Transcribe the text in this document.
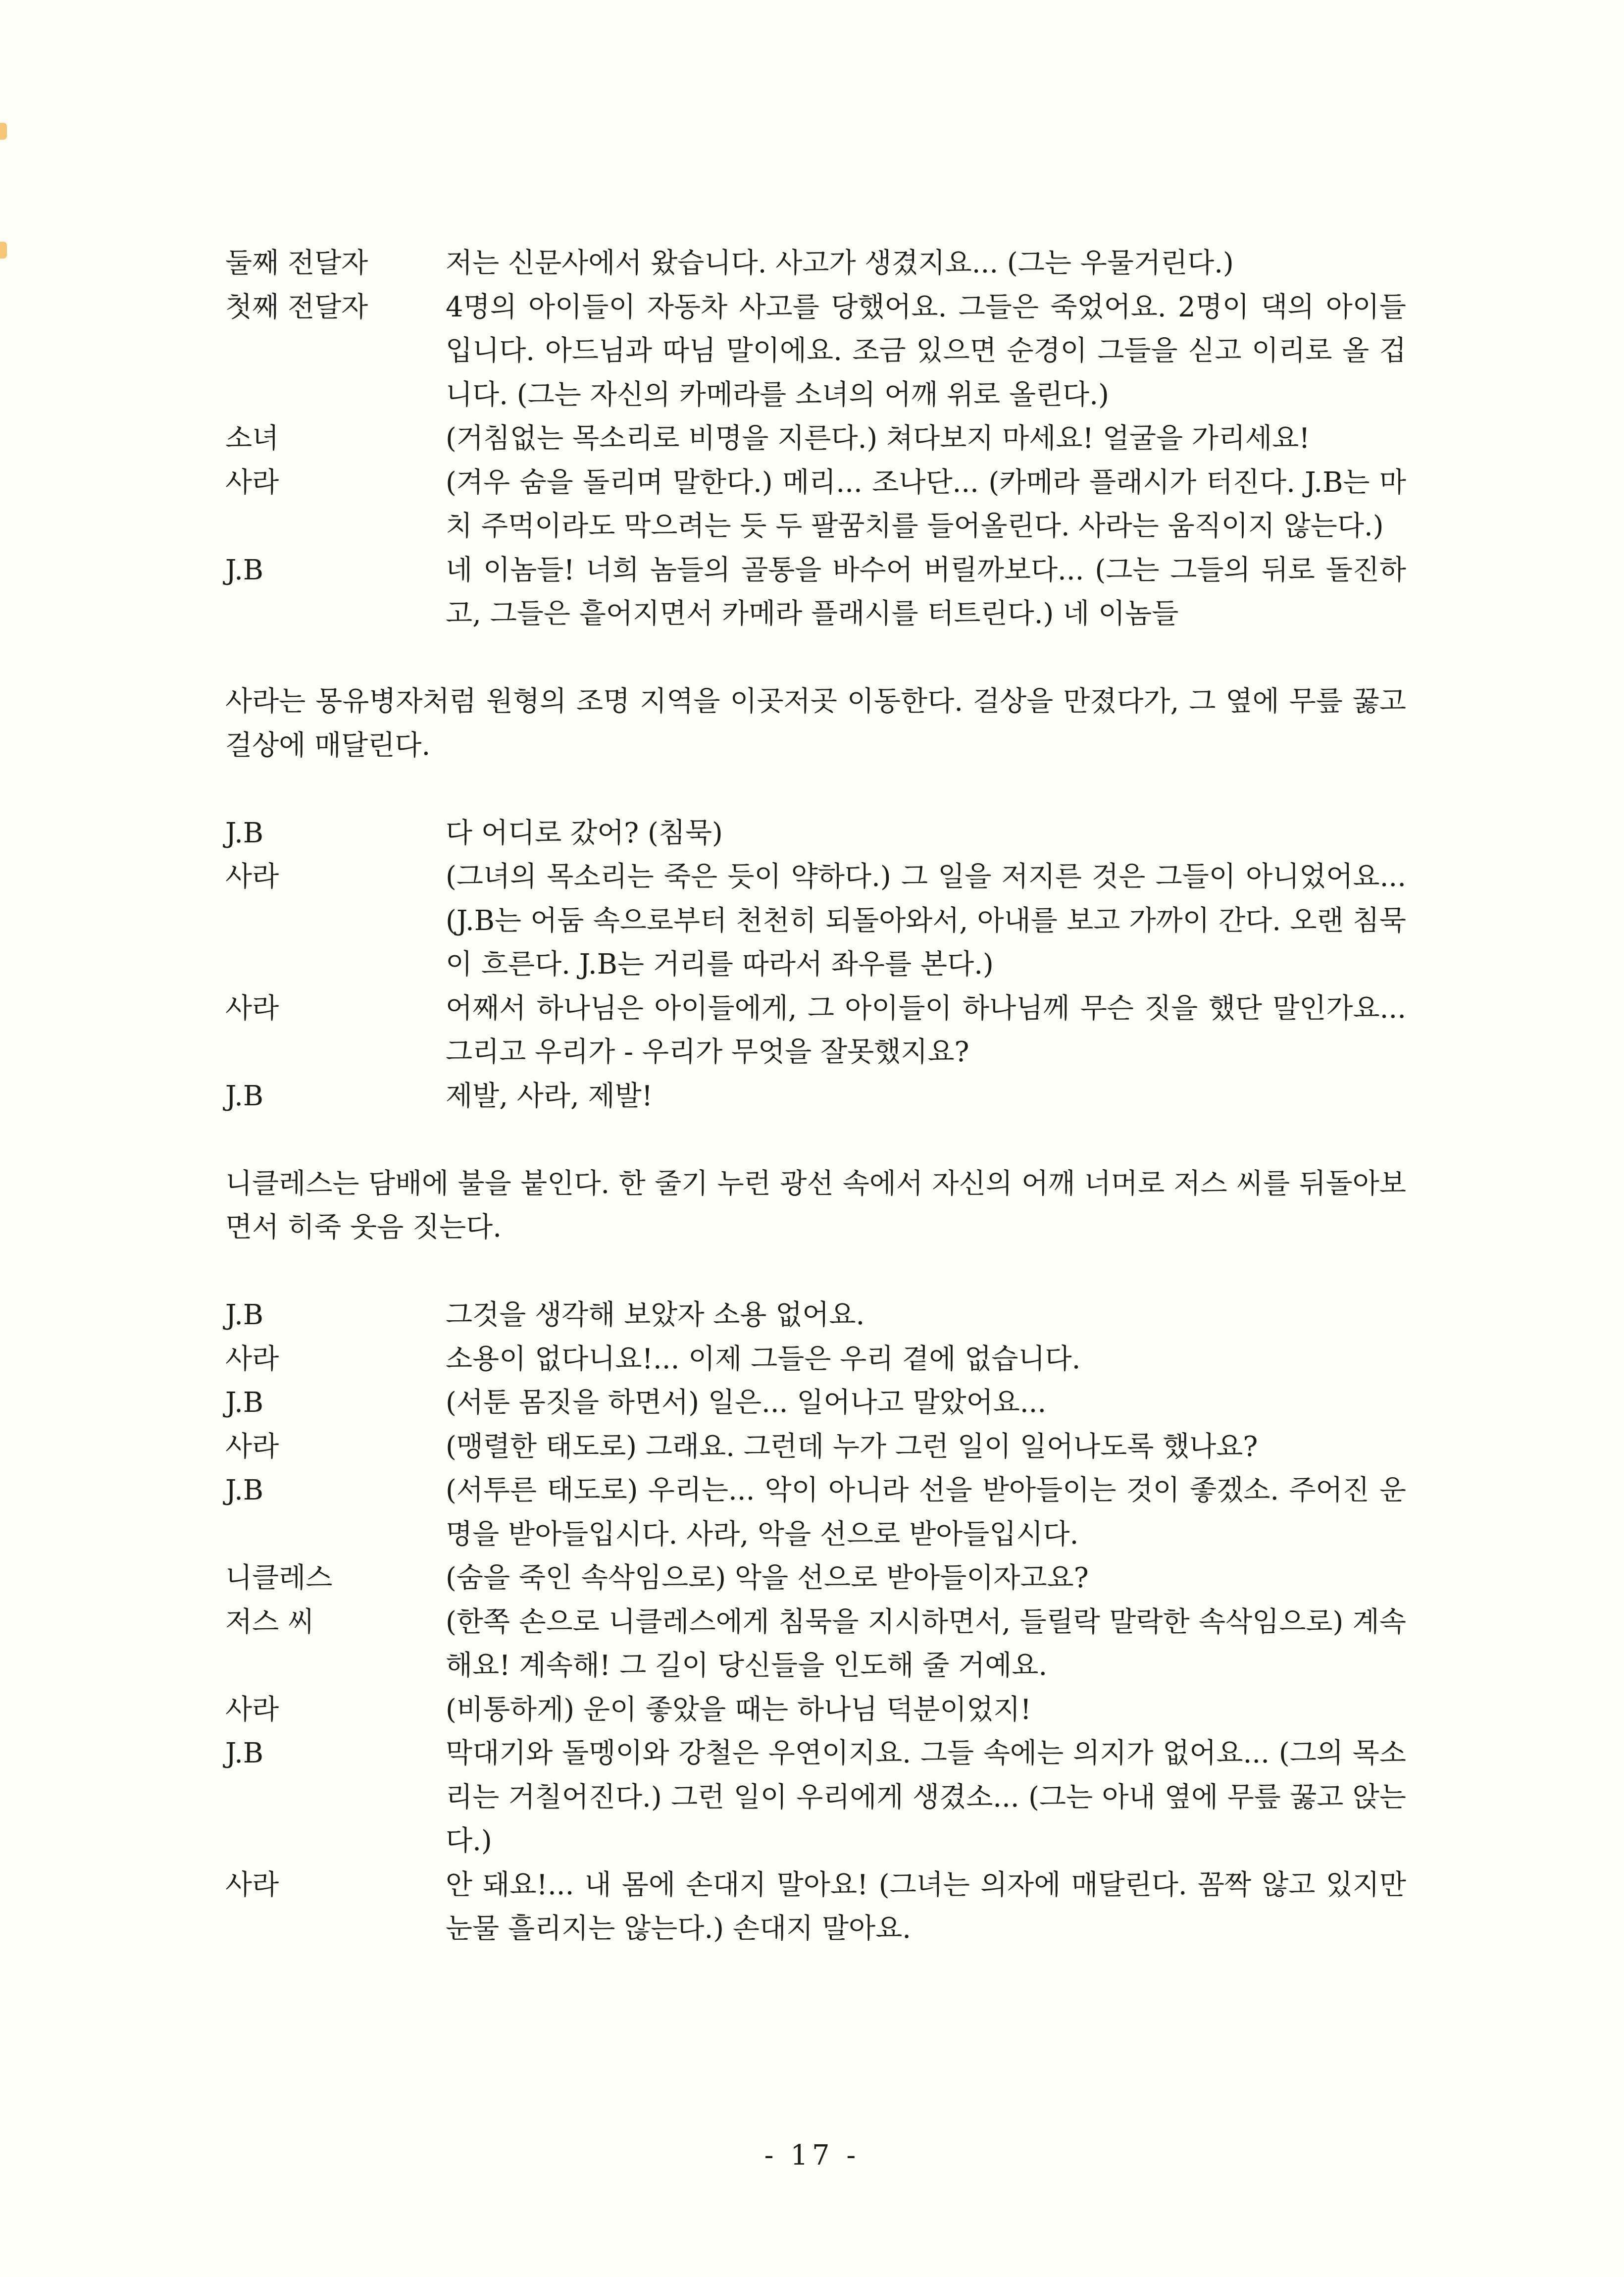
둘째 전달자	저는 신문사에서 왔습니다. 사고가 생겼지요... (그는 우물거린다.)
첫째 전달자	4명의 아이들이 자동차 사고를 당했어요. 그들은 죽었어요. 2명이 댁의 아이들입니다. 아드님과 따님 말이에요. 조금 있으면 순경이 그들을 싣고 이리로 올 겁니다. (그는 자신의 카메라를 소녀의 어깨 위로 올린다.)
소녀	(거침없는 목소리로 비명을 지른다.) 쳐다보지 마세요! 얼굴을 가리세요!
사라	(겨우 숨을 돌리며 말한다.) 메리... 조나단... (카메라 플래시가 터진다. J.B는 마치 주먹이라도 막으려는 듯 두 팔꿈치를 들어올린다. 사라는 움직이지 않는다.)
J.B	네 이놈들! 너희 놈들의 골통을 바수어 버릴까보다... (그는 그들의 뒤로 돌진하고, 그들은 흩어지면서 카메라 플래시를 터트린다.) 네 이놈들
사라는 몽유병자처럼 원형의 조명 지역을 이곳저곳 이동한다. 걸상을 만졌다가, 그 옆에 무릎 꿇고 걸상에 매달린다.
J.B	다 어디로 갔어? (침묵)
사라	(그녀의 목소리는 죽은 듯이 약하다.) 그 일을 저지른 것은 그들이 아니었어요... (J.B는 어둠 속으로부터 천천히 되돌아와서, 아내를 보고 가까이 간다. 오랜 침묵이 흐른다. J.B는 거리를 따라서 좌우를 본다.)
사라	어째서 하나님은 아이들에게, 그 아이들이 하나님께 무슨 짓을 했단 말인가요... 그리고 우리가 - 우리가 무엇을 잘못했지요?
J.B	제발, 사라, 제발!
니클레스는 담배에 불을 붙인다. 한 줄기 누런 광선 속에서 자신의 어깨 너머로 저스 씨를 뒤돌아보면서 히죽 웃음 짓는다.
J.B	그것을 생각해 보았자 소용 없어요.
사라	소용이 없다니요!... 이제 그들은 우리 곁에 없습니다.
J.B	(서툰 몸짓을 하면서) 일은... 일어나고 말았어요...
사라	(맹렬한 태도로) 그래요. 그런데 누가 그런 일이 일어나도록 했나요?
J.B	(서투른 태도로) 우리는... 악이 아니라 선을 받아들이는 것이 좋겠소. 주어진 운명을 받아들입시다. 사라, 악을 선으로 받아들입시다.
니클레스	(숨을 죽인 속삭임으로) 악을 선으로 받아들이자고요?
저스 씨	(한쪽 손으로 니클레스에게 침묵을 지시하면서, 들릴락 말락한 속삭임으로) 계속해요! 계속해! 그 길이 당신들을 인도해 줄 거예요.
사라	(비통하게) 운이 좋았을 때는 하나님 덕분이었지!
J.B	막대기와 돌멩이와 강철은 우연이지요. 그들 속에는 의지가 없어요... (그의 목소리는 거칠어진다.) 그런 일이 우리에게 생겼소... (그는 아내 옆에 무릎 꿇고 앉는다.)
사라	안 돼요!... 내 몸에 손대지 말아요! (그녀는 의자에 매달린다. 꼼짝 않고 있지만 눈물 흘리지는 않는다.) 손대지 말아요.
- 17 -
